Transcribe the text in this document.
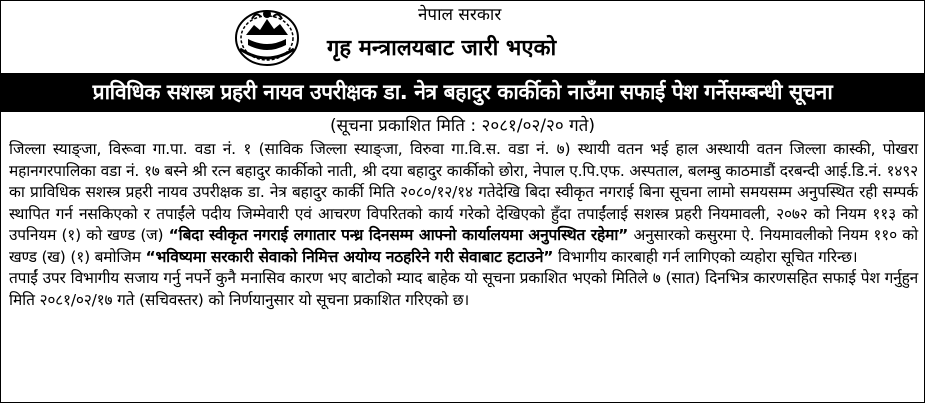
नेपाल सरकार
गृह मन्त्रालयबाट जारी भएको
प्राविधिक सशस्त्र प्रहरी नायव उपरीक्षक डा. नेत्र बहादुर कार्कीको नाउँमा सफाई पेश गर्नेसम्बन्धी सूचना
(सूचना प्रकाशित मिति : २०८१/०२/२० गते)
जिल्ला स्याङ्जा, विरूवा गा.पा. वडा नं. १ (साविक जिल्ला स्याङ्जा, विरुवा गा.वि.स. वडा नं. ७) स्थायी वतन भई हाल अस्थायी वतन जिल्ला कास्की, पोखरा महानगरपालिका वडा नं. १७ बस्ने श्री रत्न बहादुर कार्कीको नाती, श्री दया बहादुर कार्कीको छोरा, नेपाल ए.पि.एफ. अस्पताल, बलम्बु काठमाडौं दरबन्दी आई.डि.नं. १४९२ का प्राविधिक सशस्त्र प्रहरी नायव उपरीक्षक डा. नेत्र बहादुर कार्की मिति २०८०/१२/१४ गतेदेखि बिदा स्वीकृत नगराई बिना सूचना लामो समयसम्म अनुपस्थित रही सम्पर्क स्थापित गर्न नसकिएको र तपाईंले पदीय जिम्मेवारी एवं आचरण विपरितको कार्य गरेको देखिएको हुँदा तपाईंलाई सशस्त्र प्रहरी नियमावली, २०७२ को नियम ११३ को उपनियम (१) को खण्ड (ज) “बिदा स्वीकृत नगराई लगातार पन्ध्र दिनसम्म आफ्नो कार्यालयमा अनुपस्थित रहेमा” अनुसारको कसुरमा ऐ. नियमावलीको नियम ११० को खण्ड (ख) (१) बमोजिम “भविष्यमा सरकारी सेवाको निमित्त अयोग्य नठहरिने गरी सेवाबाट हटाउने” विभागीय कारबाही गर्न लागिएको व्यहोरा सूचित गरिन्छ।
तपाईं उपर विभागीय सजाय गर्नु नपर्ने कुनै मनासिव कारण भए बाटोको म्याद बाहेक यो सूचना प्रकाशित भएको मितिले ७ (सात) दिनभित्र कारणसहित सफाई पेश गर्नुहुन मिति २०८१/०२/१७ गते (सचिवस्तर) को निर्णयानुसार यो सूचना प्रकाशित गरिएको छ।
